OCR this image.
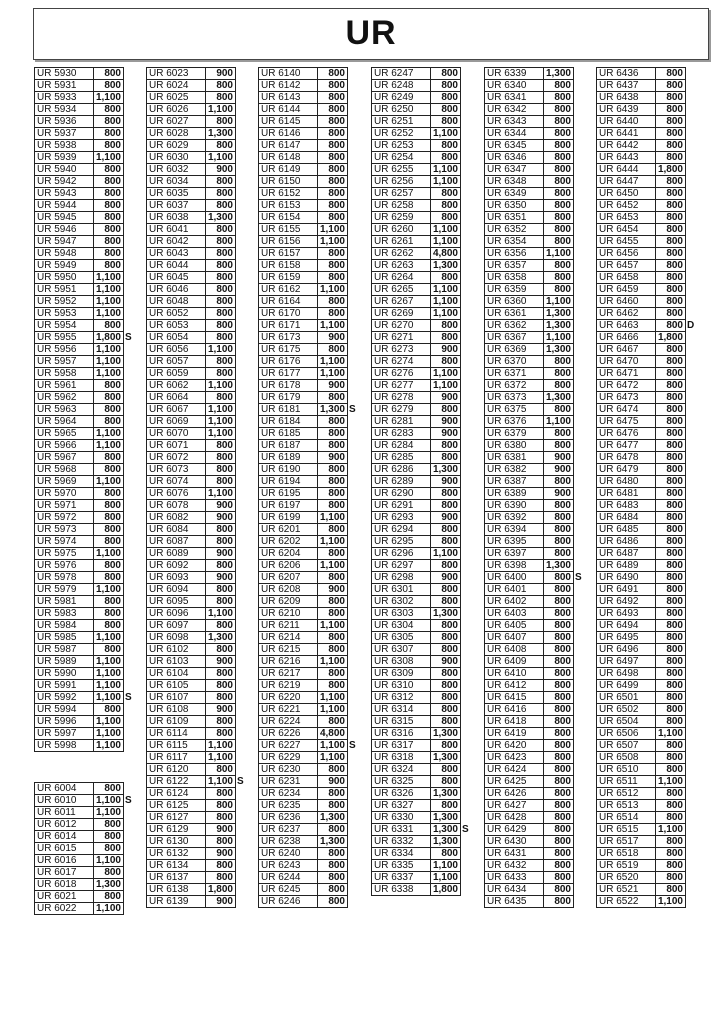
UR
UR 5930	800
UR 5931	800
UR 5933	1,100
UR 5934	800
UR 5936	800
UR 5937	800
UR 5938	800
UR 5939	1,100
UR 5940	800
UR 5942	800
UR 5943	800
UR 5944	800
UR 5945	800
UR 5946	800
UR 5947	800
UR 5948	800
UR 5949	800
UR 5950	1,100
UR 5951	1,100
UR 5952	1,100
UR 5953	1,100
UR 5954	800
UR 5955	1,800 S

UR 5956	1,100
UR 5957	1,100
UR 5958	1,100
UR 5961	800
UR 5962	800
UR 5963	800
UR 5964	800
UR 5965	1,100
UR 5966	1,100
UR 5967	800
UR 5968	800
UR 5969	1,100
UR 5970	800
UR 5971	800
UR 5972	800
UR 5973	800
UR 5974	800
UR 5975	1,100
UR 5976	800
UR 5978	800
UR 5979	1,100
UR 5981	800
UR 5983	800
UR 5984	800
UR 5985	1,100
UR 5987	800
UR 5989	1,100
UR 5990	1,100
UR 5991	1,100
UR 5992	1,100 S

UR 5994	800
UR 5996	1,100
UR 5997	1,100
UR 5998	1,100
UR 6004	800
UR 6010	1,100 S

UR 6011	1,100
UR 6012	800
UR 6014	800
UR 6015	800
UR 6016	1,100
UR 6017	800
UR 6018	1,300
UR 6021	800
UR 6022	1,100
UR 6023	900
UR 6024	800
UR 6025	800
UR 6026	1,100
UR 6027	800
UR 6028	1,300
UR 6029	800
UR 6030	1,100
UR 6032	900
UR 6034	800
UR 6035	800
UR 6037	800
UR 6038	1,300
UR 6041	800
UR 6042	800
UR 6043	800
UR 6044	800
UR 6045	800
UR 6046	800
UR 6048	800
UR 6052	800
UR 6053	800
UR 6054	800
UR 6056	1,100
UR 6057	800
UR 6059	800
UR 6062	1,100
UR 6064	800
UR 6067	1,100
UR 6069	1,100
UR 6070	1,100
UR 6071	800
UR 6072	800
UR 6073	800
UR 6074	800
UR 6076	1,100
UR 6078	900
UR 6082	900
UR 6084	800
UR 6087	800
UR 6089	900
UR 6092	800
UR 6093	900
UR 6094	800
UR 6095	800
UR 6096	1,100
UR 6097	800
UR 6098	1,300
UR 6102	800
UR 6103	900
UR 6104	800
UR 6105	800
UR 6107	800
UR 6108	900
UR 6109	800
UR 6114	800
UR 6115	1,100
UR 6117	1,100
UR 6120	800
UR 6122	1,100 S

UR 6124	800
UR 6125	800
UR 6127	800
UR 6129	900
UR 6130	800
UR 6132	900
UR 6134	800
UR 6137	800
UR 6138	1,800
UR 6139	900
UR 6140	800
UR 6142	800
UR 6143	800
UR 6144	800
UR 6145	800
UR 6146	800
UR 6147	800
UR 6148	800
UR 6149	800
UR 6150	800
UR 6152	800
UR 6153	800
UR 6154	800
UR 6155	1,100
UR 6156	1,100
UR 6157	800
UR 6158	800
UR 6159	800
UR 6162	1,100
UR 6164	800
UR 6170	800
UR 6171	1,100
UR 6173	900
UR 6175	800
UR 6176	1,100
UR 6177	1,100
UR 6178	900
UR 6179	800
UR 6181	1,300 S

UR 6184	800
UR 6185	800
UR 6187	800
UR 6189	900
UR 6190	800
UR 6194	800
UR 6195	800
UR 6197	800
UR 6199	1,100
UR 6201	800
UR 6202	1,100
UR 6204	800
UR 6206	1,100
UR 6207	800
UR 6208	900
UR 6209	800
UR 6210	800
UR 6211	1,100
UR 6214	800
UR 6215	800
UR 6216	1,100
UR 6217	800
UR 6219	800
UR 6220	1,100
UR 6221	1,100
UR 6224	800
UR 6226	4,800
UR 6227	1,100 S

UR 6229	1,100
UR 6230	800
UR 6231	900
UR 6234	800
UR 6235	800
UR 6236	1,300
UR 6237	800
UR 6238	1,300
UR 6240	800
UR 6243	800
UR 6244	800
UR 6245	800
UR 6246	800
UR 6247	800
UR 6248	800
UR 6249	800
UR 6250	800
UR 6251	800
UR 6252	1,100
UR 6253	800
UR 6254	800
UR 6255	1,100
UR 6256	1,100
UR 6257	800
UR 6258	800
UR 6259	800
UR 6260	1,100
UR 6261	1,100
UR 6262	4,800
UR 6263	1,300
UR 6264	800
UR 6265	1,100
UR 6267	1,100
UR 6269	1,100
UR 6270	800
UR 6271	800
UR 6273	900
UR 6274	800
UR 6276	1,100
UR 6277	1,100
UR 6278	900
UR 6279	800
UR 6281	900
UR 6283	900
UR 6284	800
UR 6285	800
UR 6286	1,300
UR 6289	900
UR 6290	800
UR 6291	800
UR 6293	900
UR 6294	800
UR 6295	800
UR 6296	1,100
UR 6297	800
UR 6298	900
UR 6301	800
UR 6302	800
UR 6303	1,300
UR 6304	800
UR 6305	800
UR 6307	800
UR 6308	900
UR 6309	800
UR 6310	800
UR 6312	800
UR 6314	800
UR 6315	800
UR 6316	1,300
UR 6317	800
UR 6318	1,300
UR 6324	800
UR 6325	800
UR 6326	1,300
UR 6327	800
UR 6330	1,300
UR 6331	1,300 S

UR 6332	1,300
UR 6334	800
UR 6335	1,100
UR 6337	1,100
UR 6338	1,800
UR 6339	1,300
UR 6340	800
UR 6341	800
UR 6342	800
UR 6343	800
UR 6344	800
UR 6345	800
UR 6346	800
UR 6347	800
UR 6348	800
UR 6349	800
UR 6350	800
UR 6351	800
UR 6352	800
UR 6354	800
UR 6356	1,100
UR 6357	800
UR 6358	800
UR 6359	800
UR 6360	1,100
UR 6361	1,300
UR 6362	1,300
UR 6367	1,100
UR 6369	1,300
UR 6370	800
UR 6371	800
UR 6372	800
UR 6373	1,300
UR 6375	800
UR 6376	1,100
UR 6379	800
UR 6380	800
UR 6381	900
UR 6382	900
UR 6387	800
UR 6389	900
UR 6390	800
UR 6392	800
UR 6394	800
UR 6395	800
UR 6397	800
UR 6398	1,300
UR 6400	800 S

UR 6401	800
UR 6402	800
UR 6403	800
UR 6405	800
UR 6407	800
UR 6408	800
UR 6409	800
UR 6410	800
UR 6412	800
UR 6415	800
UR 6416	800
UR 6418	800
UR 6419	800
UR 6420	800
UR 6423	800
UR 6424	800
UR 6425	800
UR 6426	800
UR 6427	800
UR 6428	800
UR 6429	800
UR 6430	800
UR 6431	800
UR 6432	800
UR 6433	800
UR 6434	800
UR 6435	800
UR 6436	800
UR 6437	800
UR 6438	800
UR 6439	800
UR 6440	800
UR 6441	800
UR 6442	800
UR 6443	800
UR 6444	1,800
UR 6447	800
UR 6450	800
UR 6452	800
UR 6453	800
UR 6454	800
UR 6455	800
UR 6456	800
UR 6457	800
UR 6458	800
UR 6459	800
UR 6460	800
UR 6462	800
UR 6463	800 D

UR 6466	1,800
UR 6467	800
UR 6470	800
UR 6471	800
UR 6472	800
UR 6473	800
UR 6474	800
UR 6475	800
UR 6476	800
UR 6477	800
UR 6478	800
UR 6479	800
UR 6480	800
UR 6481	800
UR 6483	800
UR 6484	800
UR 6485	800
UR 6486	800
UR 6487	800
UR 6489	800
UR 6490	800
UR 6491	800
UR 6492	800
UR 6493	800
UR 6494	800
UR 6495	800
UR 6496	800
UR 6497	800
UR 6498	800
UR 6499	800
UR 6501	800
UR 6502	800
UR 6504	800
UR 6506	1,100
UR 6507	800
UR 6508	800
UR 6510	800
UR 6511	1,100
UR 6512	800
UR 6513	800
UR 6514	800
UR 6515	1,100
UR 6517	800
UR 6518	800
UR 6519	800
UR 6520	800
UR 6521	800
UR 6522	1,100
